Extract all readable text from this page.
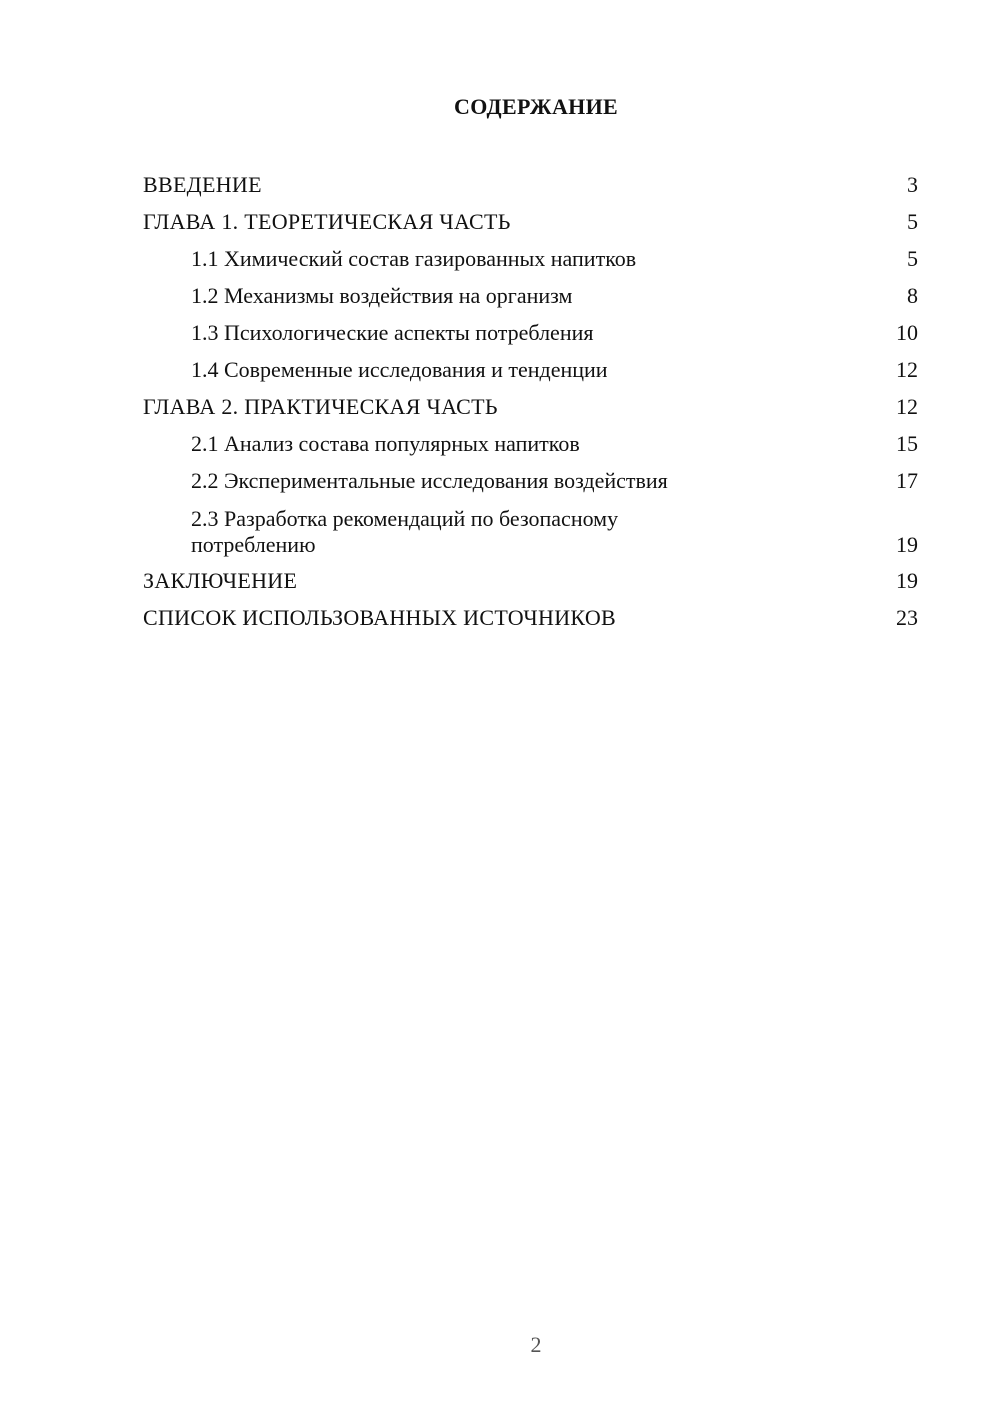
СОДЕРЖАНИЕ
ВВЕДЕНИЕ	3
ГЛАВА 1. ТЕОРЕТИЧЕСКАЯ ЧАСТЬ	5
1.1 Химический состав газированных напитков	5
1.2 Механизмы воздействия на организм	8
1.3 Психологические аспекты потребления	10
1.4 Современные исследования и тенденции	12
ГЛАВА 2. ПРАКТИЧЕСКАЯ ЧАСТЬ	12
2.1 Анализ состава популярных напитков	15
2.2 Экспериментальные исследования воздействия	17
2.3 Разработка рекомендаций по безопасному потреблению	19
ЗАКЛЮЧЕНИЕ	19
СПИСОК ИСПОЛЬЗОВАННЫХ ИСТОЧНИКОВ	23
2
